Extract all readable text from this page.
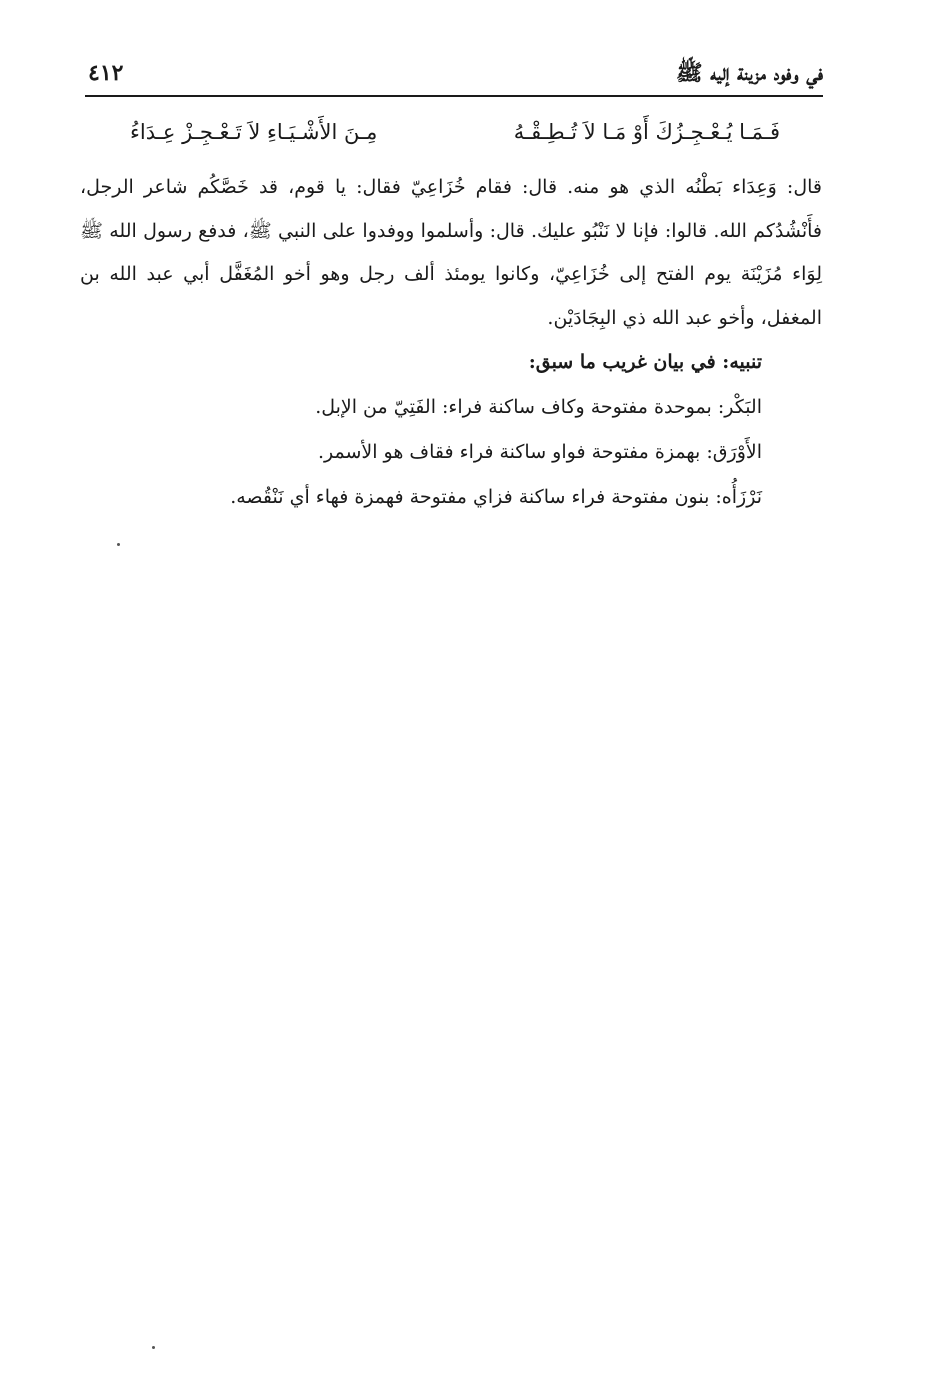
في وفود مزينة إليه ﷺ
٤١٢
فَـمَـا يُـعْـجِـزُكَ أَوْ مَـا لاَ تُـطِـقْـهُ
مِـنَ الأَشْـيَـاءِ لاَ تَـعْـجِـزْ عِـدَاءُ

قال: وَعِدَاء بَطْنُه الذي هو منه. قال: فقام خُزَاعِيّ فقال: يا قوم، قد خَصَّكُم شاعر الرجل، فأَنْشُدُكم الله. قالوا: فإنا لا نَنْبُو عليك. قال: وأسلموا ووفدوا على النبي ﷺ، فدفع رسول الله ﷺ لِوَاء مُزَيْنَة يوم الفتح إلى خُزَاعِيّ، وكانوا يومئذ ألف رجل وهو أخو المُغَفَّل أبي عبد الله بن المغفل، وأخو عبد الله ذي البِجَادَيْن.

تنبيه: في بيان غريب ما سبق:

البَكْر: بموحدة مفتوحة وكاف ساكنة فراء: الفَتِيّ من الإبل.

الأَوْرَق: بهمزة مفتوحة فواو ساكنة فراء فقاف هو الأسمر.

نَرْزَأُه: بنون مفتوحة فراء ساكنة فزاي مفتوحة فهمزة فهاء أي نَنْقُصه.
